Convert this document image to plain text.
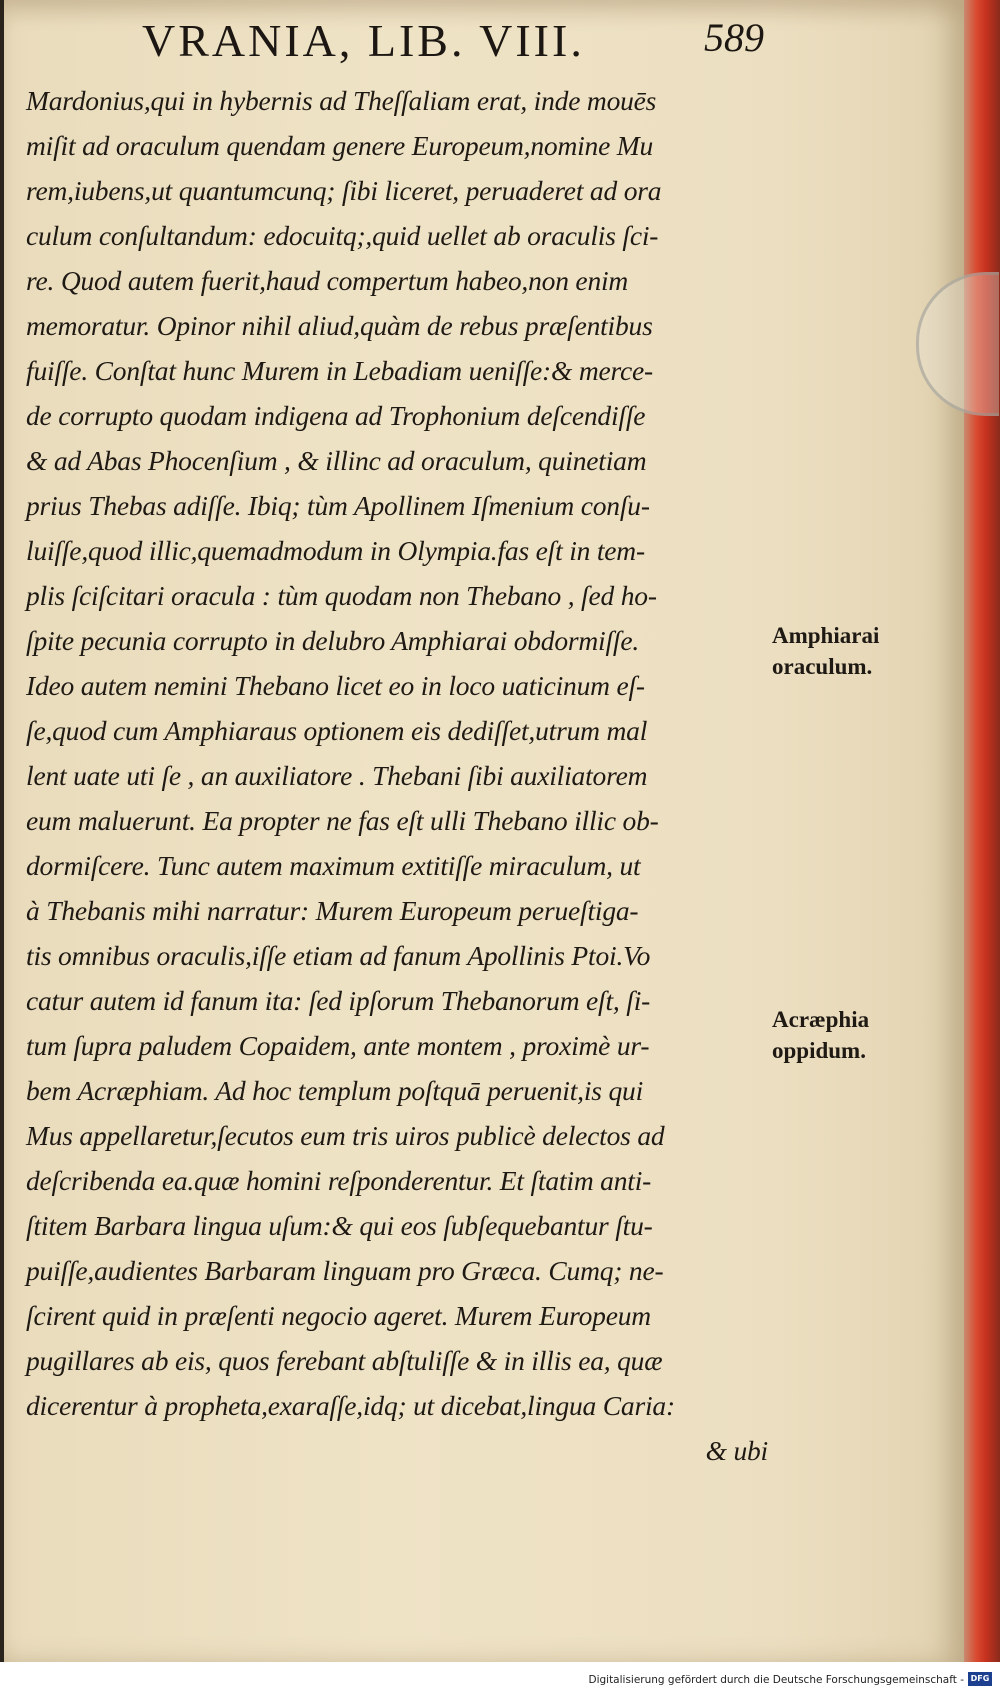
VRANIA, LIB. VIII.	589
Mardonius,qui in hybernis ad Theſſaliam erat, inde mouēs
miſit ad oraculum quendam genere Europeum,nomine Mu
rem,iubens,ut quantumcunq; ſibi liceret, peruaderet ad ora
culum conſultandum: edocuitq;,quid uellet ab oraculis ſci-
re. Quod autem fuerit,haud compertum habeo,non enim
memoratur. Opinor nihil aliud,quàm de rebus præſentibus
fuiſſe. Conſtat hunc Murem in Lebadiam ueniſſe:& merce-
de corrupto quodam indigena ad Trophonium deſcendiſſe
& ad Abas Phocenſium , & illinc ad oraculum, quinetiam
prius Thebas adiſſe. Ibiq; tùm Apollinem Iſmenium conſu-
luiſſe,quod illic,quemadmodum in Olympia.fas eſt in tem-
plis ſciſcitari oracula : tùm quodam non Thebano , ſed ho-
ſpite pecunia corrupto in delubro Amphiarai obdormiſſe.
Ideo autem nemini Thebano licet eo in loco uaticinum eſ-
ſe,quod cum Amphiaraus optionem eis dediſſet,utrum mal
lent uate uti ſe , an auxiliatore . Thebani ſibi auxiliatorem
eum maluerunt. Ea propter ne fas eſt ulli Thebano illic ob-
dormiſcere. Tunc autem maximum extitiſſe miraculum, ut
à Thebanis mihi narratur: Murem Europeum perueſtiga-
tis omnibus oraculis,iſſe etiam ad fanum Apollinis Ptoi.Vo
catur autem id fanum ita: ſed ipſorum Thebanorum eſt, ſi-
tum ſupra paludem Copaidem, ante montem , proximè ur-
bem Acræphiam. Ad hoc templum poſtquā peruenit,is qui
Mus appellaretur,ſecutos eum tris uiros publicè delectos ad
deſcribenda ea.quæ homini reſponderentur. Et ſtatim anti-
ſtitem Barbara lingua uſum:& qui eos ſubſequebantur ſtu-
puiſſe,audientes Barbaram linguam pro Græca. Cumq; ne-
ſcirent quid in præſenti negocio ageret. Murem Europeum
pugillares ab eis, quos ferebant abſtuliſſe & in illis ea, quæ
dicerentur à propheta,exaraſſe,idq; ut dicebat,lingua Caria:
& ubi
Amphiarai
oraculum.
Acræphia
oppidum.
Digitalisierung gefördert durch die Deutsche Forschungsgemeinschaft - DFG
